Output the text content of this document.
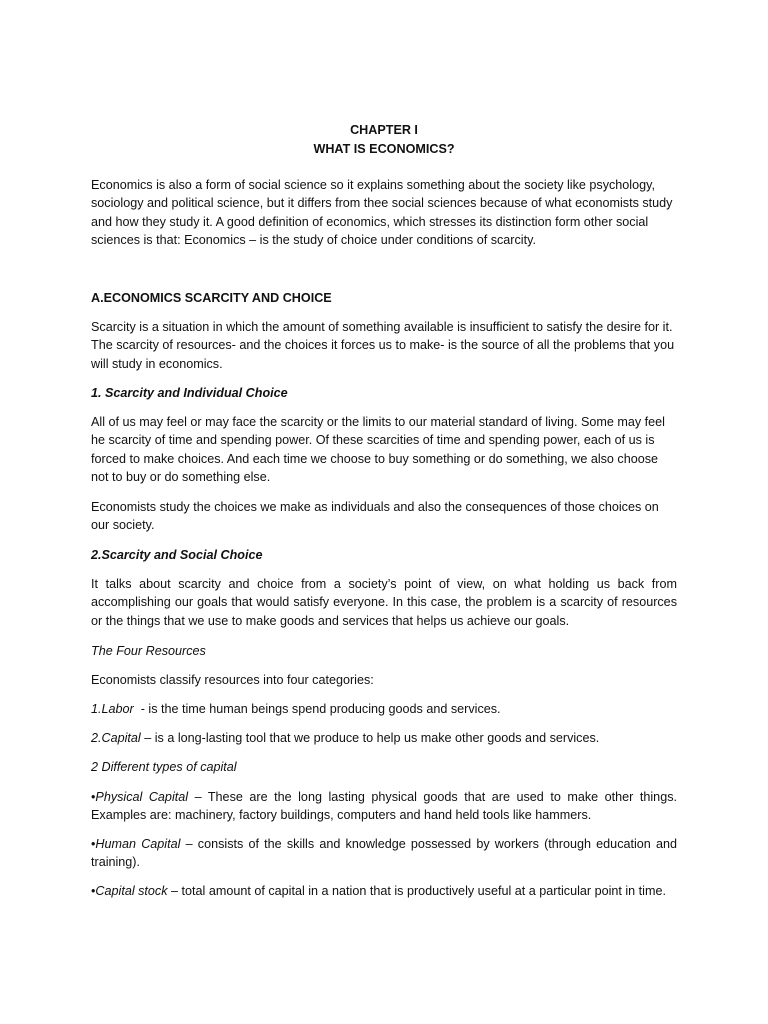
CHAPTER I
WHAT IS ECONOMICS?

Economics is also a form of social science so it explains something about the society like psychology, sociology and political science, but it differs from thee social sciences because of what economists study and how they study it. A good definition of economics, which stresses its distinction form other social sciences is that: Economics – is the study of choice under conditions of scarcity.

A.ECONOMICS SCARCITY AND CHOICE

Scarcity is a situation in which the amount of something available is insufficient to satisfy the desire for it. The scarcity of resources- and the choices it forces us to make- is the source of all the problems that you will study in economics.

1. Scarcity and Individual Choice

All of us may feel or may face the scarcity or the limits to our material standard of living. Some may feel he scarcity of time and spending power. Of these scarcities of time and spending power, each of us is forced to make choices. And each time we choose to buy something or do something, we also choose not to buy or do something else.

Economists study the choices we make as individuals and also the consequences of those choices on our society.

2.Scarcity and Social Choice

It talks about scarcity and choice from a society’s point of view, on what holding us back from accomplishing our goals that would satisfy everyone. In this case, the problem is a scarcity of resources or the things that we use to make goods and services that helps us achieve our goals.

The Four Resources

Economists classify resources into four categories:

1.Labor  - is the time human beings spend producing goods and services.

2.Capital – is a long-lasting tool that we produce to help us make other goods and services.

2 Different types of capital

•Physical Capital – These are the long lasting physical goods that are used to make other things. Examples are: machinery, factory buildings, computers and hand held tools like hammers.

•Human Capital – consists of the skills and knowledge possessed by workers (through education and training).

•Capital stock – total amount of capital in a nation that is productively useful at a particular point in time.
